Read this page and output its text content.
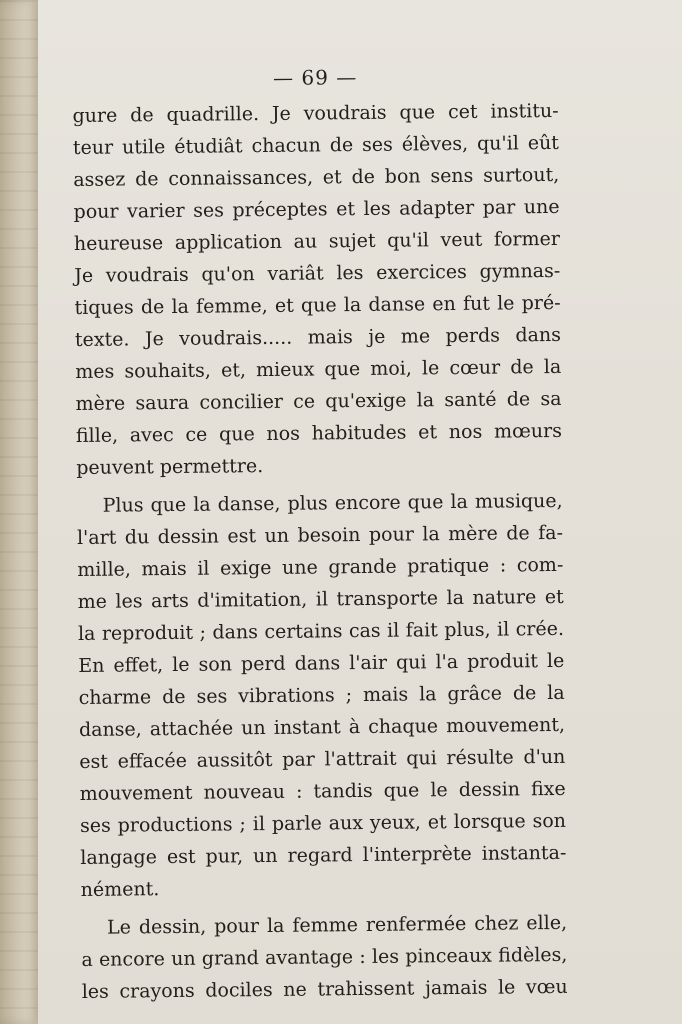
— 69 —
gure de quadrille. Je voudrais que cet institu-
teur utile étudiât chacun de ses élèves, qu'il eût
assez de connaissances, et de bon sens surtout,
pour varier ses préceptes et les adapter par une
heureuse application au sujet qu'il veut former
Je voudrais qu'on variât les exercices gymnas-
tiques de la femme, et que la danse en fut le pré-
texte. Je voudrais..... mais je me perds dans
mes souhaits, et, mieux que moi, le cœur de la
mère saura concilier ce qu'exige la santé de sa
fille, avec ce que nos habitudes et nos mœurs
peuvent permettre.
Plus que la danse, plus encore que la musique,
l'art du dessin est un besoin pour la mère de fa-
mille, mais il exige une grande pratique : com-
me les arts d'imitation, il transporte la nature et
la reproduit ; dans certains cas il fait plus, il crée.
En effet, le son perd dans l'air qui l'a produit le
charme de ses vibrations ; mais la grâce de la
danse, attachée un instant à chaque mouvement,
est effacée aussitôt par l'attrait qui résulte d'un
mouvement nouveau : tandis que le dessin fixe
ses productions ; il parle aux yeux, et lorsque son
langage est pur, un regard l'interprète instanta-
nément.
Le dessin, pour la femme renfermée chez elle,
a encore un grand avantage : les pinceaux fidèles,
les crayons dociles ne trahissent jamais le vœu
